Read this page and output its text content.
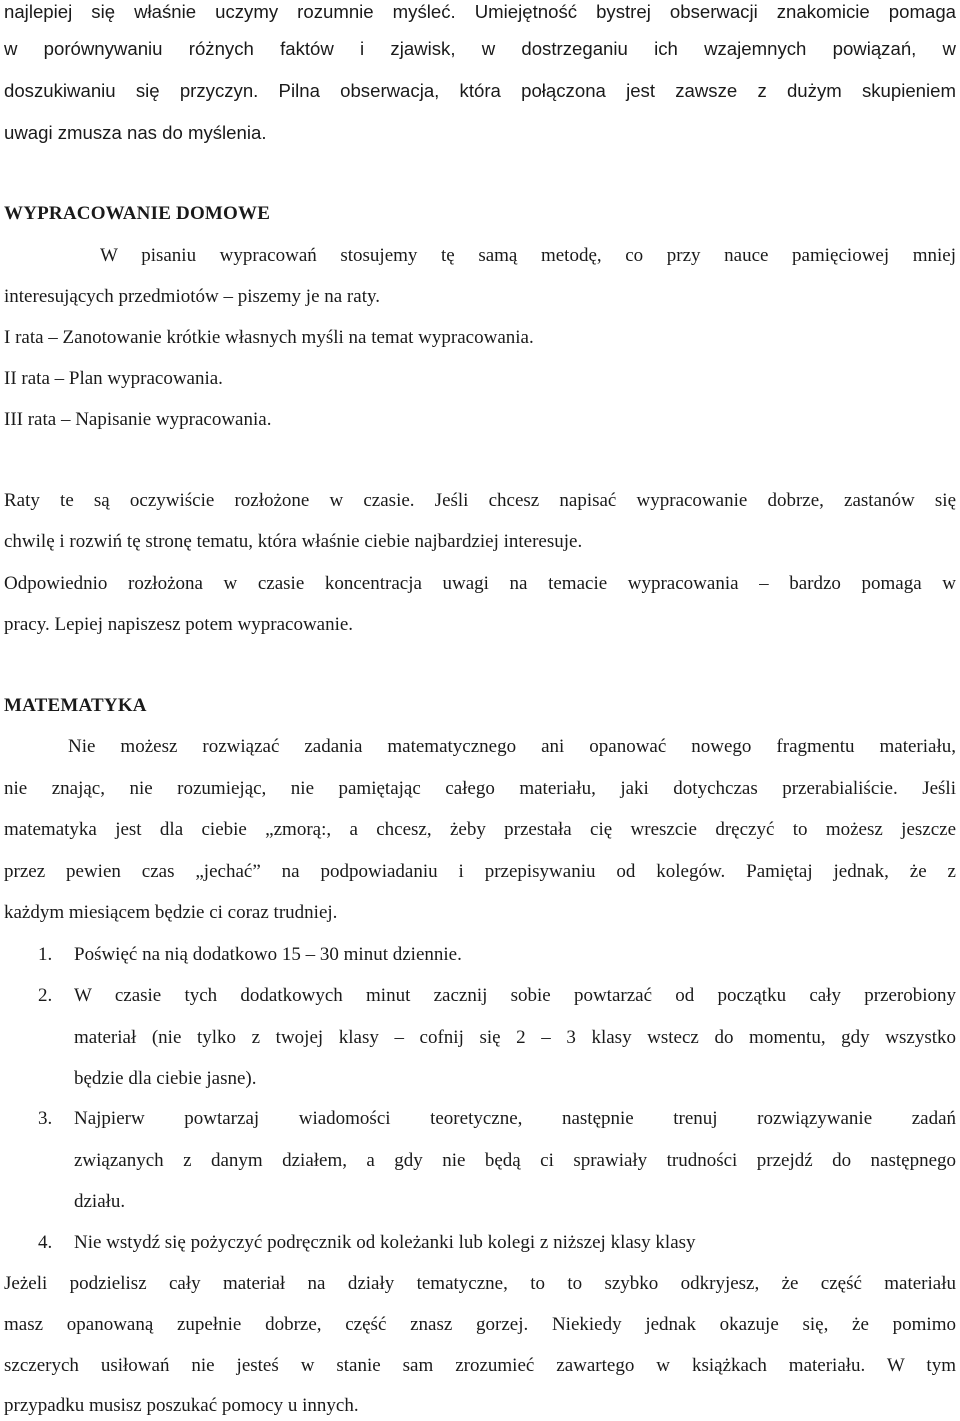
najlepiej się właśnie uczymy rozumnie myśleć. Umiejętność bystrej obserwacji znakomicie pomaga
w porównywaniu różnych faktów i zjawisk, w dostrzeganiu ich wzajemnych powiązań, w
doszukiwaniu się przyczyn. Pilna obserwacja, która połączona jest zawsze z dużym skupieniem
uwagi zmusza nas do myślenia.
WYPRACOWANIE DOMOWE
W pisaniu wypracowań stosujemy tę samą metodę, co przy nauce pamięciowej mniej
interesujących przedmiotów – piszemy je na raty.
I rata – Zanotowanie krótkie własnych myśli na temat wypracowania.
II rata – Plan wypracowania.
III rata – Napisanie wypracowania.
Raty te są oczywiście rozłożone w czasie. Jeśli chcesz napisać wypracowanie dobrze, zastanów się
chwilę i rozwiń tę stronę tematu, która właśnie ciebie najbardziej interesuje.
Odpowiednio rozłożona w czasie koncentracja uwagi na temacie wypracowania – bardzo pomaga w
pracy. Lepiej napiszesz potem wypracowanie.
MATEMATYKA
Nie możesz rozwiązać zadania matematycznego ani opanować nowego fragmentu materiału,
nie znając, nie rozumiejąc, nie pamiętając całego materiału, jaki dotychczas przerabialiście. Jeśli
matematyka jest dla ciebie „zmorą:, a chcesz, żeby przestała cię wreszcie dręczyć to możesz jeszcze
przez pewien czas „jechać” na podpowiadaniu i przepisywaniu od kolegów. Pamiętaj jednak, że z
każdym miesiącem będzie ci coraz trudniej.
1. Poświęć na nią dodatkowo 15 – 30 minut dziennie.
2. W czasie tych dodatkowych minut zacznij sobie powtarzać od początku cały przerobiony
materiał (nie tylko z twojej klasy – cofnij się 2 – 3 klasy wstecz do momentu, gdy wszystko
będzie dla ciebie jasne).
3. Najpierw powtarzaj wiadomości teoretyczne, następnie trenuj rozwiązywanie zadań
związanych z danym działem, a gdy nie będą ci sprawiały trudności przejdź do następnego
działu.
4. Nie wstydź się pożyczyć podręcznik od koleżanki lub kolegi z niższej klasy klasy
Jeżeli podzielisz cały materiał na działy tematyczne, to to szybko odkryjesz, że część materiału
masz opanowaną zupełnie dobrze, część znasz gorzej. Niekiedy jednak okazuje się, że pomimo
szczerych usiłowań nie jesteś w stanie sam zrozumieć zawartego w książkach materiału. W tym
przypadku musisz poszukać pomocy u innych.
